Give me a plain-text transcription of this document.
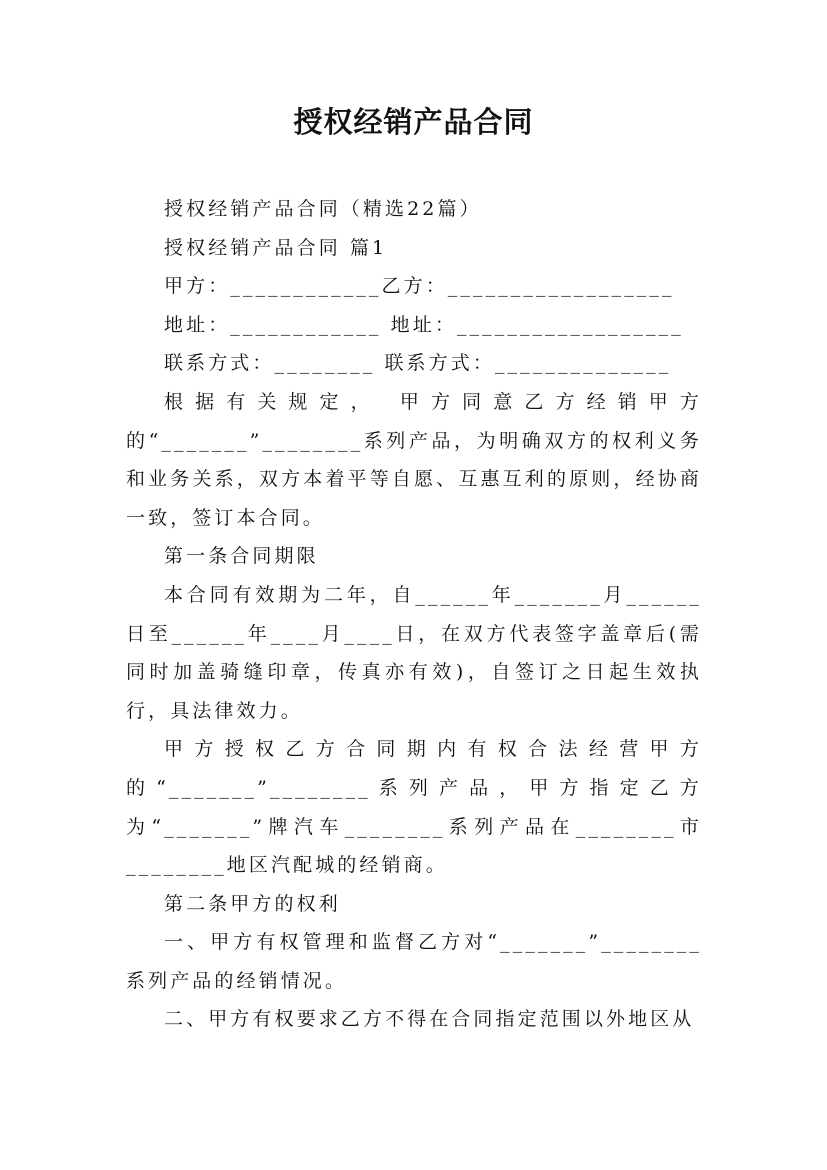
授权经销产品合同

授权经销产品合同（精选22篇）

授权经销产品合同 篇1

甲方：____________乙方：__________________

地址：____________ 地址：__________________

联系方式：________ 联系方式：______________

根据有关规定， 甲方同意乙方经销甲方的“_______”________系列产品，为明确双方的权利义务和业务关系，双方本着平等自愿、互惠互利的原则，经协商一致，签订本合同。

第一条合同期限

本合同有效期为二年，自______年_______月______日至______年____月____日，在双方代表签字盖章后(需同时加盖骑缝印章，传真亦有效)，自签订之日起生效执行，具法律效力。

甲方授权乙方合同期内有权合法经营甲方的“_______”________系列产品，甲方指定乙方为“_______”牌汽车________系列产品在________市________地区汽配城的经销商。

第二条甲方的权利

一、甲方有权管理和监督乙方对“_______”________系列产品的经销情况。

二、甲方有权要求乙方不得在合同指定范围以外地区从
